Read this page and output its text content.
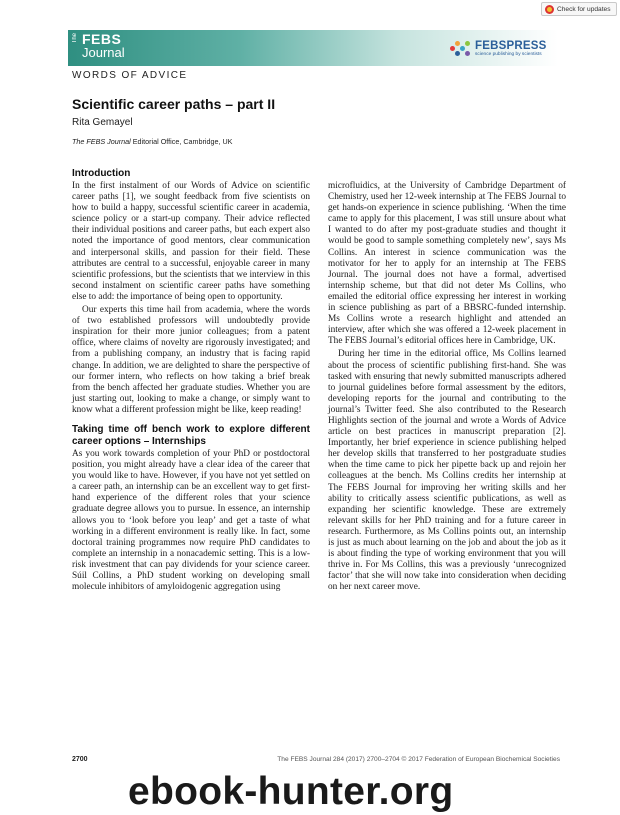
Check for updates
The FEBS
Journal	FEBSPRESS
science publishing by scientists
WORDS OF ADVICE
Scientific career paths – part II
Rita Gemayel
The FEBS Journal Editorial Office, Cambridge, UK
Introduction

In the first instalment of our Words of Advice on scientific career paths [1], we sought feedback from five scientists on how to build a happy, successful scientific career in academia, science policy or a start-up company. Their advice reflected their individual positions and career paths, but each expert also noted the importance of good mentors, clear communication and interpersonal skills, and passion for their field. These attributes are central to a successful, enjoyable career in many scientific professions, but the scientists that we interview in this second instalment on scientific career paths have something else to add: the importance of being open to opportunity.

Our experts this time hail from academia, where the words of two established professors will undoubtedly provide inspiration for their more junior colleagues; from a patent office, where claims of novelty are rigorously investigated; and from a publishing company, an industry that is facing rapid change. In addition, we are delighted to share the perspective of our former intern, who reflects on how taking a brief break from the bench affected her graduate studies. Whether you are just starting out, looking to make a change, or simply want to know what a different profession might be like, keep reading!

Taking time off bench work to explore different career options – Internships

As you work towards completion of your PhD or postdoctoral position, you might already have a clear idea of the career that you would like to have. However, if you have not yet settled on a career path, an internship can be an excellent way to get first-hand experience of the different roles that your science graduate degree allows you to pursue. In essence, an internship allows you to ‘look before you leap’ and get a taste of what working in a different environment is really like. In fact, some doctoral training programmes now require PhD candidates to complete an internship in a nonacademic setting. This is a low-risk investment that can pay dividends for your science career. Súil Collins, a PhD student working on developing small molecule inhibitors of amyloidogenic aggregation using

microfluidics, at the University of Cambridge Department of Chemistry, used her 12-week internship at The FEBS Journal to get hands-on experience in science publishing. ‘When the time came to apply for this placement, I was still unsure about what I wanted to do after my post-graduate studies and thought it would be good to sample something completely new’, says Ms Collins. An interest in science communication was the motivator for her to apply for an internship at The FEBS Journal. The journal does not have a formal, advertised internship scheme, but that did not deter Ms Collins, who emailed the editorial office expressing her interest in working in science publishing as part of a BBSRC-funded internship. Ms Collins wrote a research highlight and attended an interview, after which she was offered a 12-week placement in The FEBS Journal’s editorial offices here in Cambridge, UK.

During her time in the editorial office, Ms Collins learned about the process of scientific publishing first-hand. She was tasked with ensuring that newly submitted manuscripts adhered to journal guidelines before formal assessment by the editors, developing reports for the journal and contributing to the journal’s Twitter feed. She also contributed to the Research Highlights section of the journal and wrote a Words of Advice article on best practices in manuscript preparation [2]. Importantly, her brief experience in science publishing helped her develop skills that transferred to her postgraduate studies when the time came to pick her pipette back up and rejoin her colleagues at the bench. Ms Collins credits her internship at The FEBS Journal for improving her writing skills and her ability to critically assess scientific publications, as well as expanding her scientific knowledge. These are extremely relevant skills for her PhD training and for a future career in research. Furthermore, as Ms Collins points out, an internship is just as much about learning on the job and about the job as it is about finding the type of working environment that you will thrive in. For Ms Collins, this was a previously ‘unrecognized factor’ that she will now take into consideration when deciding on her next career move.

2700	The FEBS Journal 284 (2017) 2700–2704 © 2017 Federation of European Biochemical Societies
ebook-hunter.org
